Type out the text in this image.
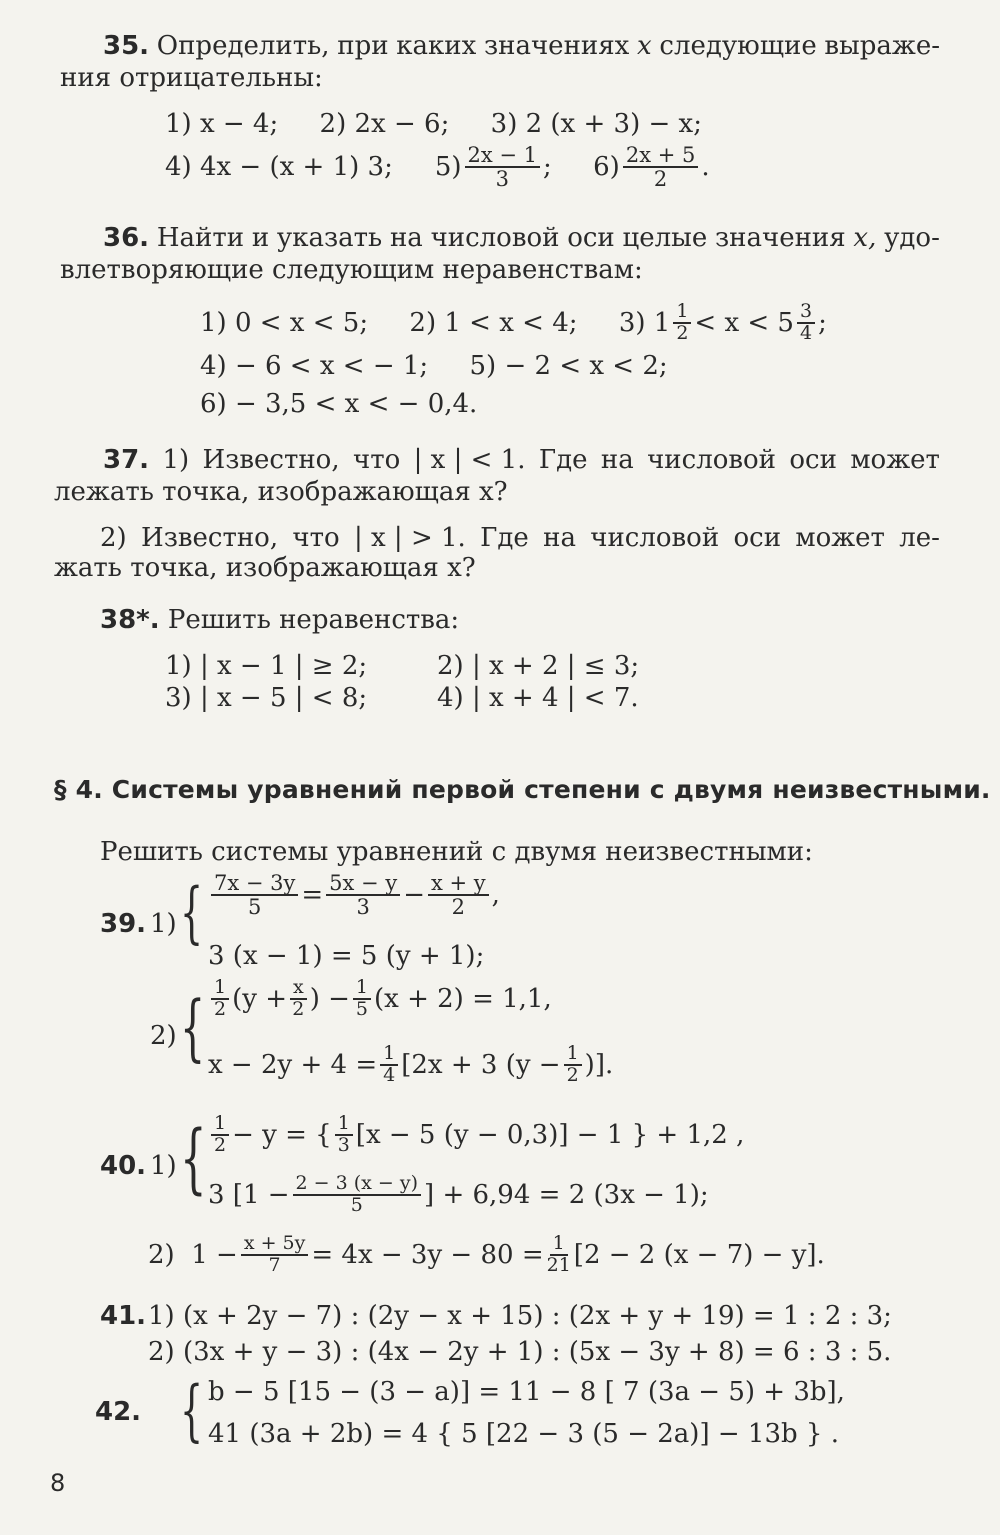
35. Определить, при каких значениях x следующие выраже-
ния отрицательны:
1) x − 4;     2) 2x − 6;     3) 2 (x + 3) − x;
4) 4x − (x + 1) 3; $5) \frac{2x - 1}{3}$ ;     $6) \frac{2x + 5}{2}$ .
36. Найти и указать на числовой оси целые значения x, удо-
влетворяющие следующим неравенствам:
1) 0 < x < 5;     2) 1 < x < 4;     3) $1 \frac{1}{2} < x < 5 \frac{3}{4}$ ;
4) − 6 < x < − 1;     5) − 2 < x < 2;
6) − 3,5 < x < − 0,4.
37. 1) Известно, что | x | < 1. Где на числовой оси может
лежать точка, изображающая x?
2) Известно, что | x | > 1. Где на числовой оси может ле-
жать точка, изображающая x?
38*. Решить неравенства:
1) | x − 1 | ≥ 2;	2) | x + 2 | ≤ 3;
3) | x − 5 | < 8;	4) | x + 4 | < 7.
§ 4. Системы уравнений первой степени с двумя неизвестными.
Решить системы уравнений с двумя неизвестными:
39. 1) { $\frac{7x - 3y}{5} = \frac{5x - y}{3} - \frac{x + y}{2}$ ,
3 (x − 1) = 5 (y + 1);
2) { $\frac{1}{2} (y + \frac{x}{2}$ ) − $\frac{1}{5} (x + 2) = 1,1$,
$x - 2y + 4 = \frac{1}{4} [2x + 3$ ($y - \frac{1}{2}$ )].
40. 1) { $\frac{1}{2} - y$ = { $\frac{1}{3} [x - 5$ (y − 0,3)] − 1 } + 1,2 ,
3 [$1 - \frac{2 - 3 (x - y)}{5}$ ] + 6,94 = 2 (3x − 1);
2)  $1 - \frac{x + 5y}{7} = 4x - 3y - 80 = \frac{1}{21} [2 - 2$ (x − 7) − y].
41. 1) (x + 2y − 7) : (2y − x + 15) : (2x + y + 19) = 1 : 2 : 3;
2) (3x + y − 3) : (4x − 2y + 1) : (5x − 3y + 8) = 6 : 3 : 5.
42. { b − 5 [15 − (3 − a)] = 11 − 8 [ 7 (3a − 5) + 3b],
41 (3a + 2b) = 4 { 5 [22 − 3 (5 − 2a)] − 13b } .
8
